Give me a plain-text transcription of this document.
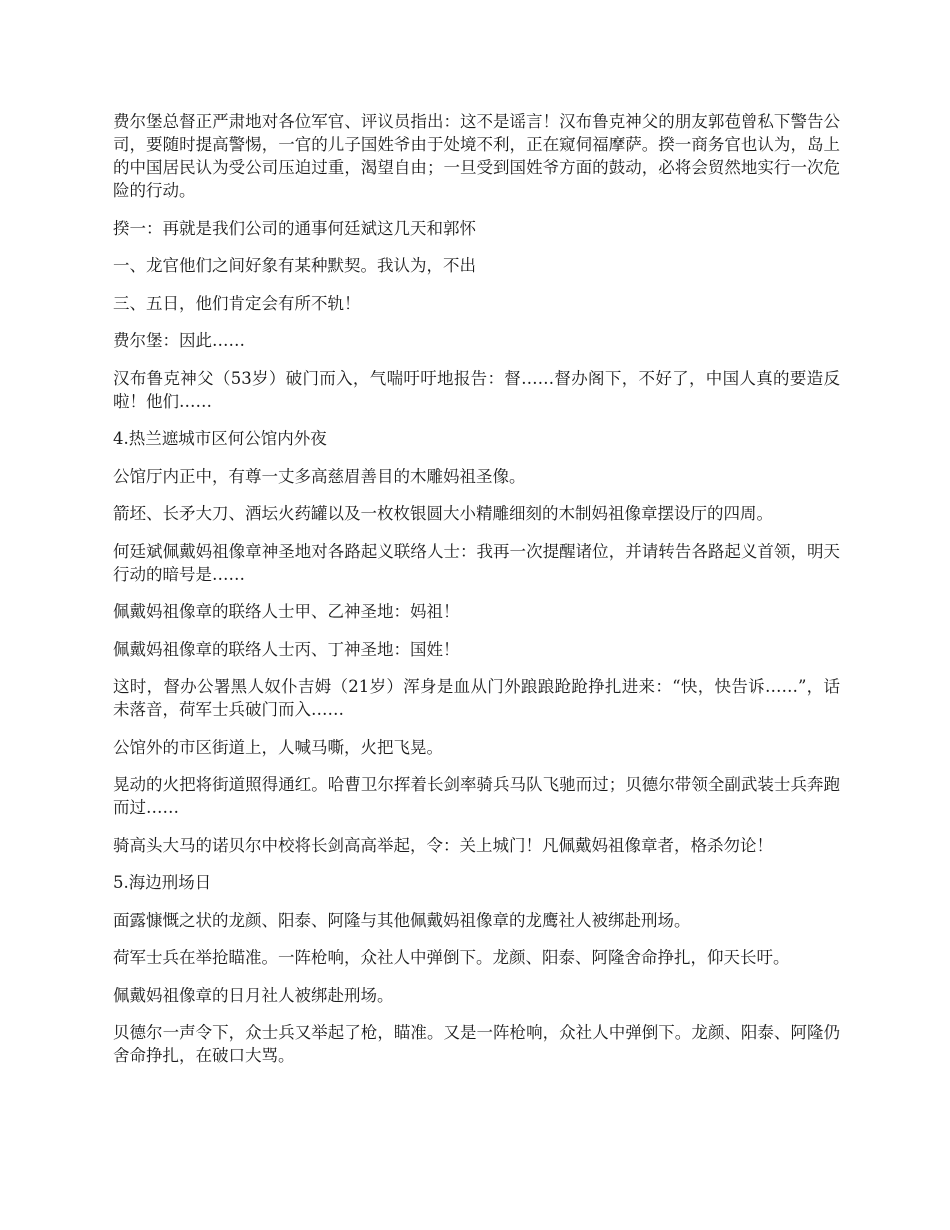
费尔堡总督正严肃地对各位军官、评议员指出：这不是谣言！汉布鲁克神父的朋友郭苞曾私下警告公司，要随时提高警惕，一官的儿子国姓爷由于处境不利，正在窥伺福摩萨。揆一商务官也认为，岛上的中国居民认为受公司压迫过重，渴望自由；一旦受到国姓爷方面的鼓动，必将会贸然地实行一次危险的行动。

揆一：再就是我们公司的通事何廷斌这几天和郭怀

一、龙官他们之间好象有某种默契。我认为，不出

三、五日，他们肯定会有所不轨！

费尔堡：因此……

汉布鲁克神父（53岁）破门而入，气喘吁吁地报告：督……督办阁下，不好了，中国人真的要造反啦！他们……

4.热兰遮城市区何公馆内外夜

公馆厅内正中，有尊一丈多高慈眉善目的木雕妈祖圣像。

箭坯、长矛大刀、酒坛火药罐以及一枚枚银圆大小精雕细刻的木制妈祖像章摆设厅的四周。

何廷斌佩戴妈祖像章神圣地对各路起义联络人士：我再一次提醒诸位，并请转告各路起义首领，明天行动的暗号是……

佩戴妈祖像章的联络人士甲、乙神圣地：妈祖！

佩戴妈祖像章的联络人士丙、丁神圣地：国姓！

这时，督办公署黑人奴仆吉姆（21岁）浑身是血从门外踉踉跄跄挣扎进来：“快，快告诉……”，话未落音，荷军士兵破门而入……

公馆外的市区街道上，人喊马嘶，火把飞晃。

晃动的火把将街道照得通红。哈曹卫尔挥着长剑率骑兵马队飞驰而过；贝德尔带领全副武装士兵奔跑而过……

骑高头大马的诺贝尔中校将长剑高高举起，令：关上城门！凡佩戴妈祖像章者，格杀勿论！

5.海边刑场日

面露慷慨之状的龙颜、阳泰、阿隆与其他佩戴妈祖像章的龙鹰社人被绑赴刑场。

荷军士兵在举抢瞄准。一阵枪响，众社人中弹倒下。龙颜、阳泰、阿隆舍命挣扎，仰天长吁。

佩戴妈祖像章的日月社人被绑赴刑场。

贝德尔一声令下，众士兵又举起了枪，瞄准。又是一阵枪响，众社人中弹倒下。龙颜、阳泰、阿隆仍舍命挣扎，在破口大骂。
